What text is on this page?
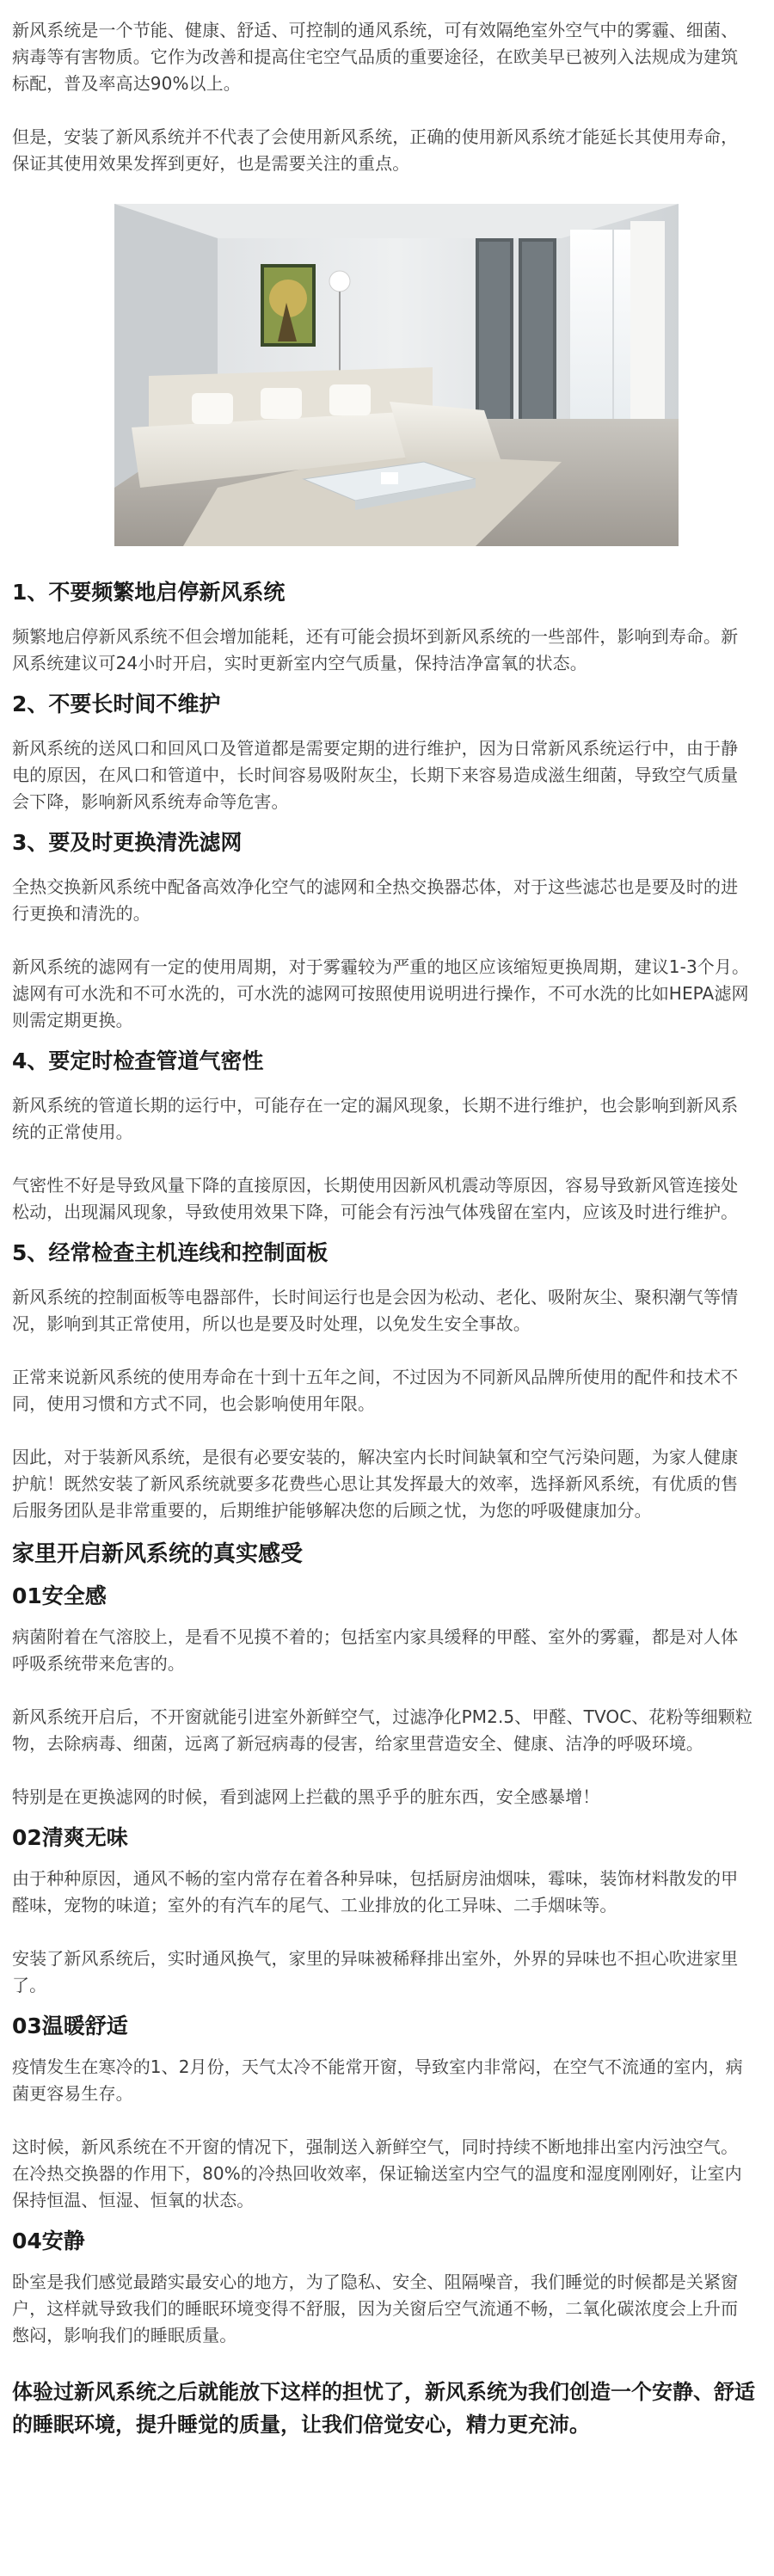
新风系统是一个节能、健康、舒适、可控制的通风系统，可有效隔绝室外空气中的雾霾、细菌、病毒等有害物质。它作为改善和提高住宅空气品质的重要途径，在欧美早已被列入法规成为建筑标配，普及率高达90%以上。

但是，安装了新风系统并不代表了会使用新风系统，正确的使用新风系统才能延长其使用寿命，保证其使用效果发挥到更好，也是需要关注的重点。

1、不要频繁地启停新风系统

频繁地启停新风系统不但会增加能耗，还有可能会损坏到新风系统的一些部件，影响到寿命。新风系统建议可24小时开启，实时更新室内空气质量，保持洁净富氧的状态。

2、不要长时间不维护

新风系统的送风口和回风口及管道都是需要定期的进行维护，因为日常新风系统运行中，由于静电的原因，在风口和管道中，长时间容易吸附灰尘，长期下来容易造成滋生细菌，导致空气质量会下降，影响新风系统寿命等危害。

3、要及时更换清洗滤网

全热交换新风系统中配备高效净化空气的滤网和全热交换器芯体，对于这些滤芯也是要及时的进行更换和清洗的。

新风系统的滤网有一定的使用周期，对于雾霾较为严重的地区应该缩短更换周期，建议1-3个月。滤网有可水洗和不可水洗的，可水洗的滤网可按照使用说明进行操作，不可水洗的比如HEPA滤网则需定期更换。

4、要定时检查管道气密性

新风系统的管道长期的运行中，可能存在一定的漏风现象，长期不进行维护，也会影响到新风系统的正常使用。

气密性不好是导致风量下降的直接原因，长期使用因新风机震动等原因，容易导致新风管连接处松动，出现漏风现象，导致使用效果下降，可能会有污浊气体残留在室内，应该及时进行维护。

5、经常检查主机连线和控制面板

新风系统的控制面板等电器部件，长时间运行也是会因为松动、老化、吸附灰尘、聚积潮气等情况，影响到其正常使用，所以也是要及时处理，以免发生安全事故。

正常来说新风系统的使用寿命在十到十五年之间，不过因为不同新风品牌所使用的配件和技术不同，使用习惯和方式不同，也会影响使用年限。

因此，对于装新风系统，是很有必要安装的，解决室内长时间缺氧和空气污染问题，为家人健康护航！既然安装了新风系统就要多花费些心思让其发挥最大的效率，选择新风系统，有优质的售后服务团队是非常重要的，后期维护能够解决您的后顾之忧，为您的呼吸健康加分。

家里开启新风系统的真实感受
01安全感

病菌附着在气溶胶上，是看不见摸不着的；包括室内家具缓释的甲醛、室外的雾霾，都是对人体呼吸系统带来危害的。

新风系统开启后，不开窗就能引进室外新鲜空气，过滤净化PM2.5、甲醛、TVOC、花粉等细颗粒物，去除病毒、细菌，远离了新冠病毒的侵害，给家里营造安全、健康、洁净的呼吸环境。

特别是在更换滤网的时候，看到滤网上拦截的黑乎乎的脏东西，安全感暴增！

02清爽无味

由于种种原因，通风不畅的室内常存在着各种异味，包括厨房油烟味，霉味，装饰材料散发的甲醛味，宠物的味道；室外的有汽车的尾气、工业排放的化工异味、二手烟味等。

安装了新风系统后，实时通风换气，家里的异味被稀释排出室外，外界的异味也不担心吹进家里了。

03温暖舒适

疫情发生在寒冷的1、2月份，天气太冷不能常开窗，导致室内非常闷，在空气不流通的室内，病菌更容易生存。

这时候，新风系统在不开窗的情况下，强制送入新鲜空气，同时持续不断地排出室内污浊空气。在冷热交换器的作用下，80%的冷热回收效率，保证输送室内空气的温度和湿度刚刚好，让室内保持恒温、恒湿、恒氧的状态。

04安静

卧室是我们感觉最踏实最安心的地方，为了隐私、安全、阻隔噪音，我们睡觉的时候都是关紧窗户，这样就导致我们的睡眠环境变得不舒服，因为关窗后空气流通不畅，二氧化碳浓度会上升而憋闷，影响我们的睡眠质量。

体验过新风系统之后就能放下这样的担忧了，新风系统为我们创造一个安静、舒适的睡眠环境，提升睡觉的质量，让我们倍觉安心，精力更充沛。
